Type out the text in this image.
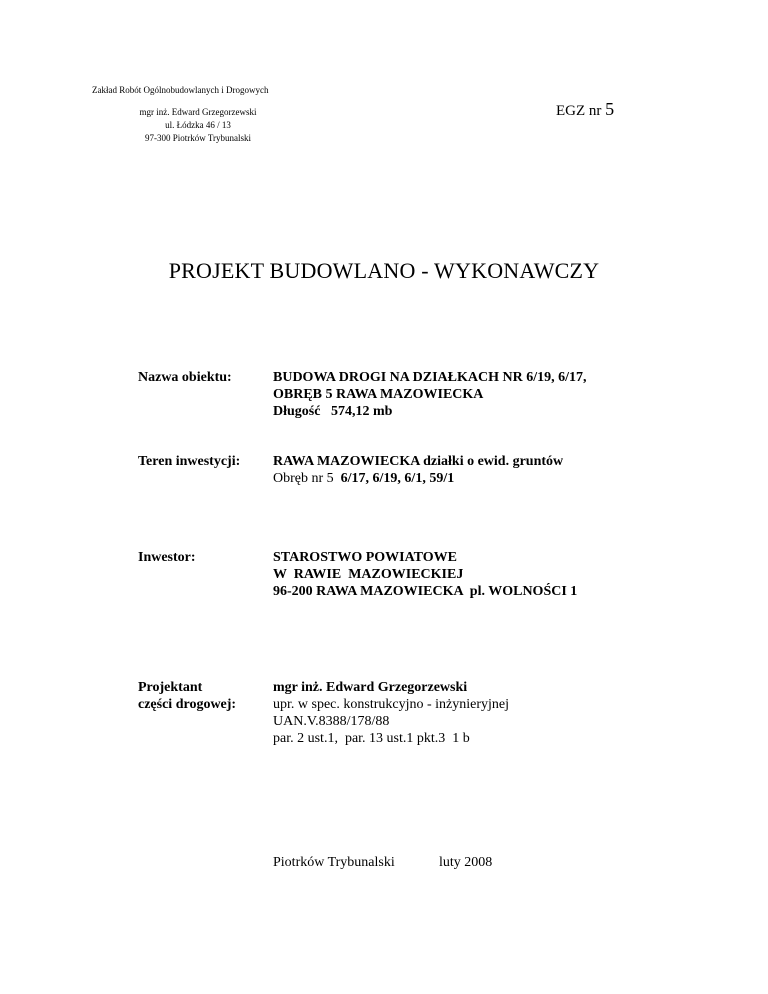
Zakład Robót Ogólnobudowlanych i Drogowych
mgr inż. Edward Grzegorzewski
ul. Łódzka 46 / 13
97-300 Piotrków Trybunalski
EGZ nr 5
PROJEKT BUDOWLANO - WYKONAWCZY
Nazwa obiektu:	BUDOWA DROGI NA DZIAŁKACH NR 6/19, 6/17,
OBRĘB 5 RAWA MAZOWIECKA
Długość 574,12 mb
Teren inwestycji: RAWA MAZOWIECKA działki o ewid. gruntów
Obręb nr 5 6/17, 6/19, 6/1, 59/1
Inwestor:	STAROSTWO POWIATOWE
W  RAWIE  MAZOWIECKIEJ
96-200 RAWA MAZOWIECKA  pl. WOLNOŚCI 1
Projektant
części drogowej:
mgr inż. Edward Grzegorzewski
upr. w spec. konstrukcyjno - inżynieryjnej
UAN.V.8388/178/88
par. 2 ust.1,  par. 13 ust.1 pkt.3  1 b
Piotrków Trybunalski	luty 2008
